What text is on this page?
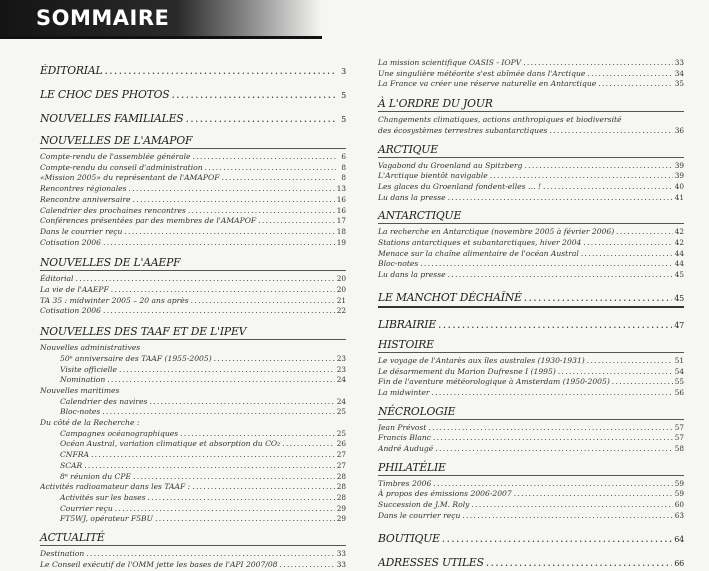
SOMMAIRE
ÉDITORIAL .....	3
LE CHOC DES PHOTOS .....	5
NOUVELLES FAMILIALES .....	5
NOUVELLES DE L'AMAPOF
Compte-rendu de l'assemblée générale .....	6
Compte-rendu du conseil d'administration .....	8
«Mission 2005» du représentant de l'AMAPOF .....	8
Rencontres régionales .....	13
Rencontre anniversaire .....	16
Calendrier des prochaines rencontres .....	16
Conférences présentées par des membres de l'AMAPOF .....	17
Dans le courrier reçu .....	18
Cotisation 2006 .....	19
NOUVELLES DE L'AAEPF
Éditorial .....	20
La vie de l'AAEPF .....	20
TA 35 : midwinter 2005 – 20 ans après .....	21
Cotisation 2006 .....	22
NOUVELLES DES TAAF ET DE L'IPEV
Nouvelles administratives
50ᵉ anniversaire des TAAF (1955-2005) .....	23
Visite officielle .....	23
Nomination .....	24
Nouvelles maritimes
Calendrier des navires .....	24
Bloc-notes .....	25
Du côté de la Recherche :
Campagnes océanographiques .....	25
Océan Austral, variation climatique et absorption du CO₂ .....	26
CNFRA .....	27
SCAR .....	27
8ᵉ réunion du CPE .....	28
Activités radioamateur dans les TAAF : .....	28
Activités sur les bases .....	28
Courrier reçu .....	29
FT5WJ, opérateur F5BU .....	29
ACTUALITÉ
Destination .....	33
Le Conseil exécutif de l'OMM jette les bases de l'API 2007/08 .....	33
La mission scientifique OASIS - IOPV .....	33
Une singulière météorite s'est abîmée dans l'Arctique .....	34
La France va créer une réserve naturelle en Antarctique .....	35
À L'ORDRE DU JOUR
Changements climatiques, actions anthropiques et biodiversité
des écosystèmes terrestres subantarctiques .....	36
ARCTIQUE
Vagabond du Groenland au Spitzberg .....	39
L'Arctique bientôt navigable .....	39
Les glaces du Groenland fondent-elles … ! .....	40
Lu dans la presse .....	41
ANTARCTIQUE
La recherche en Antarctique (novembre 2005 à février 2006) .....	42
Stations antarctiques et subantarctiques, hiver 2004 .....	42
Menace sur la chaîne alimentaire de l'océan Austral .....	44
Bloc-notes .....	44
Lu dans la presse .....	45
LE MANCHOT DÉCHAÎNÉ .....	45
LIBRAIRIE .....	47
HISTOIRE
Le voyage de l'Antarès aux îles australes (1930-1931) .....	51
Le désarmement du Marion Dufresne I (1995) .....	54
Fin de l'aventure météorologique à Amsterdam (1950-2005) .....	55
La midwinter .....	56
NÉCROLOGIE
Jean Prévost .....	57
Francis Blanc .....	57
André Audugé .....	58
PHILATÉLIE
Timbres 2006 .....	59
À propos des émissions 2006-2007 .....	59
Succession de J.M. Roly .....	60
Dans le courrier reçu .....	63
BOUTIQUE .....	64
ADRESSES UTILES .....	66
